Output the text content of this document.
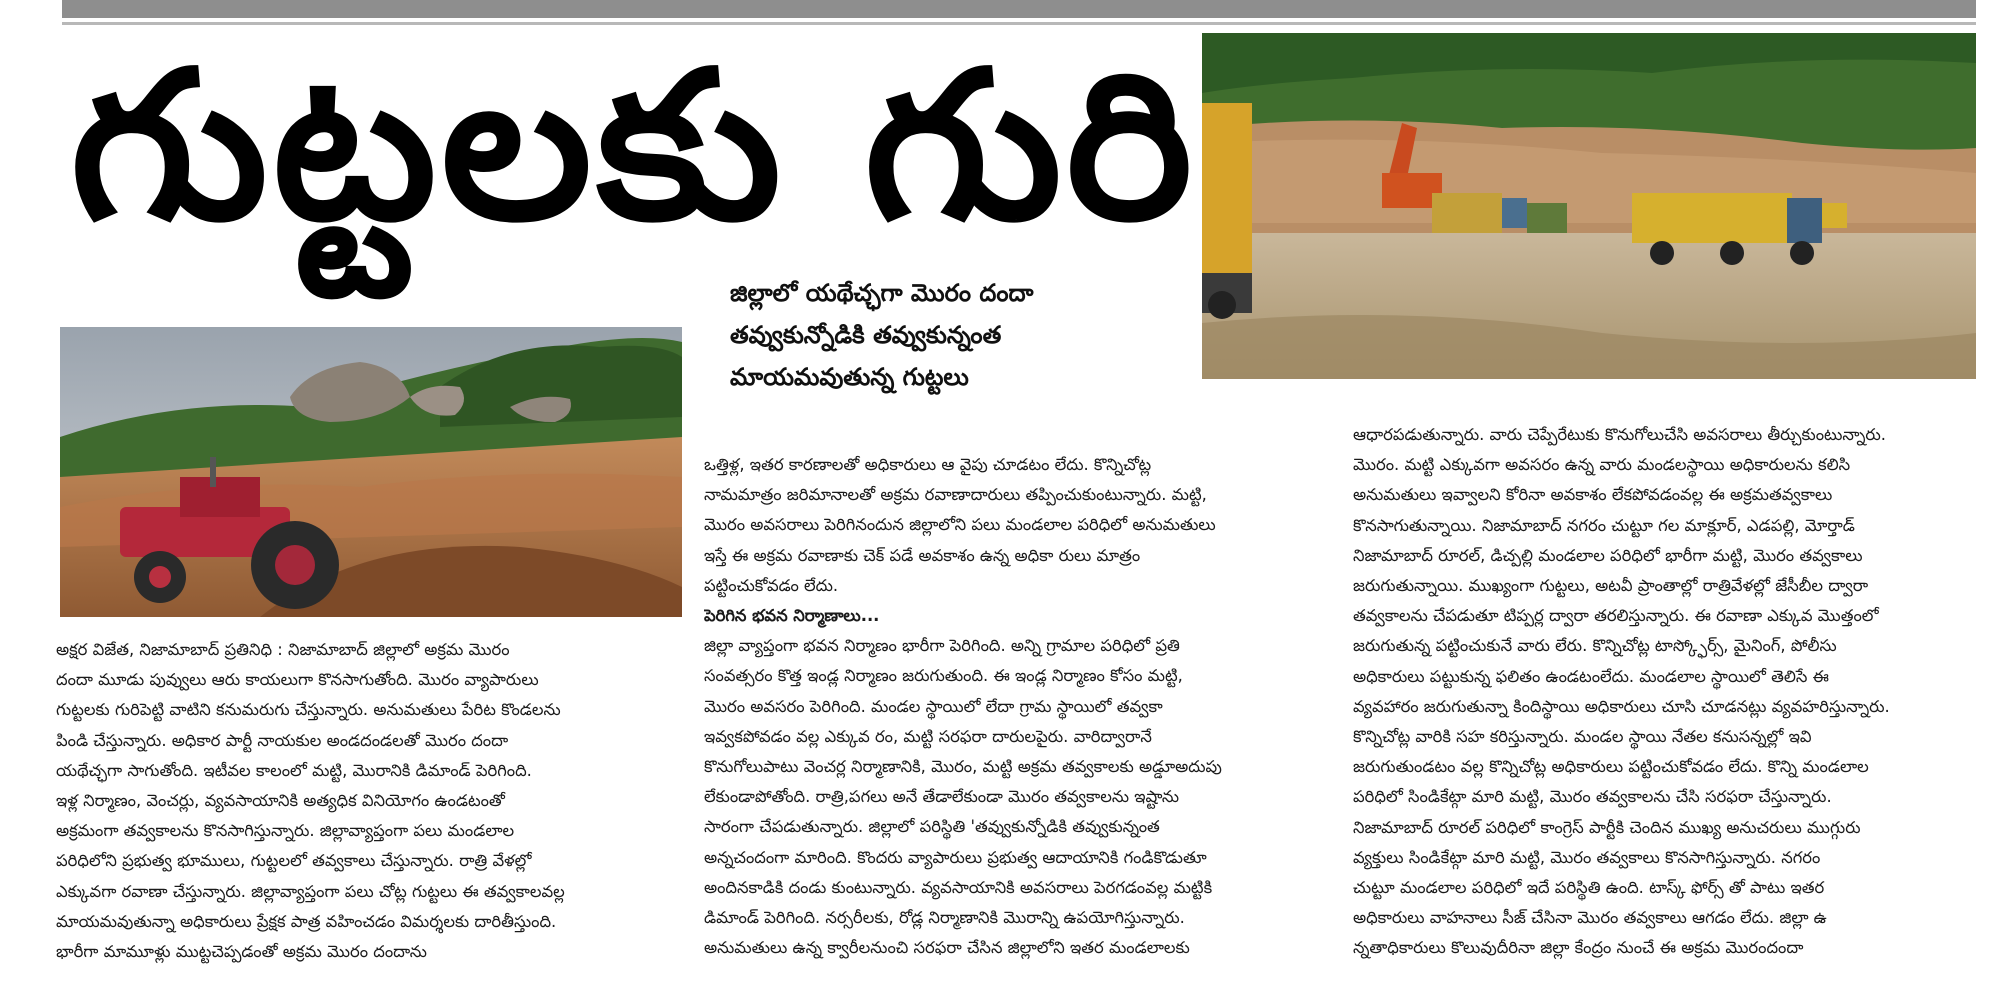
గుట్టలకు గురి
జిల్లాలో యథేచ్ఛగా మొరం దందా
తవ్వుకున్నోడికి తవ్వుకున్నంత
మాయమవుతున్న గుట్టలు
అక్షర విజేత, నిజామాబాద్ ప్రతినిధి : నిజామాబాద్ జిల్లాలో అక్రమ మొరం
దందా మూడు పువ్వులు ఆరు కాయలుగా కొనసాగుతోంది. మొరం వ్యాపారులు
గుట్టలకు గురిపెట్టి వాటిని కనుమరుగు చేస్తున్నారు. అనుమతులు పేరిట కొండలను
పిండి చేస్తున్నారు. అధికార పార్టీ నాయకుల అండదండలతో మొరం దందా
యథేచ్ఛగా సాగుతోంది. ఇటీవల కాలంలో మట్టి, మొరానికి డిమాండ్ పెరిగింది.
ఇళ్ల నిర్మాణం, వెంచర్లు, వ్యవసాయానికి అత్యధిక వినియోగం ఉండటంతో
అక్రమంగా తవ్వకాలను కొనసాగిస్తున్నారు. జిల్లావ్యాప్తంగా పలు మండలాల
పరిధిలోని ప్రభుత్వ భూములు, గుట్టలలో తవ్వకాలు చేస్తున్నారు. రాత్రి వేళల్లో
ఎక్కువగా రవాణా చేస్తున్నారు. జిల్లావ్యాప్తంగా పలు చోట్ల గుట్టలు ఈ తవ్వకాలవల్ల
మాయమవుతున్నా అధికారులు ప్రేక్షక పాత్ర వహించడం విమర్శలకు దారితీస్తుంది.
భారీగా మామూళ్లు ముట్టచెప్పడంతో అక్రమ మొరం దందాను
ఒత్తిళ్ల, ఇతర కారణాలతో అధికారులు ఆ వైపు చూడటం లేదు. కొన్నిచోట్ల
నామమాత్రం జరిమానాలతో అక్రమ రవాణాదారులు తప్పించుకుంటున్నారు. మట్టి,
మొరం అవసరాలు పెరిగినందున జిల్లాలోని పలు మండలాల పరిధిలో అనుమతులు
ఇస్తే ఈ అక్రమ రవాణాకు చెక్ పడే అవకాశం ఉన్న అధికా రులు మాత్రం
పట్టించుకోవడం లేదు.
పెరిగిన భవన నిర్మాణాలు...
జిల్లా వ్యాప్తంగా భవన నిర్మాణం భారీగా పెరిగింది. అన్ని గ్రామాల పరిధిలో ప్రతి
సంవత్సరం కొత్త ఇండ్ల నిర్మాణం జరుగుతుంది. ఈ ఇండ్ల నిర్మాణం కోసం మట్టి,
మొరం అవసరం పెరిగింది. మండల స్థాయిలో లేదా గ్రామ స్థాయిలో తవ్వకా
ఇవ్వకపోవడం వల్ల ఎక్కువ రం, మట్టి సరఫరా దారులపైరు. వారిద్వారానే
కొనుగోలుపాటు వెంచర్ల నిర్మాణానికి, మొరం, మట్టి అక్రమ తవ్వకాలకు అడ్డూఅదుపు
లేకుండాపోతోంది. రాత్రి,పగలు అనే తేడాలేకుండా మొరం తవ్వకాలను ఇష్టాను
సారంగా చేపడుతున్నారు. జిల్లాలో పరిస్థితి 'తవ్వుకున్నోడికి తవ్వుకున్నంత
అన్నచందంగా మారింది. కొందరు వ్యాపారులు ప్రభుత్వ ఆదాయానికి గండికొడుతూ
అందినకాడికి దండు కుంటున్నారు. వ్యవసాయానికి అవసరాలు పెరగడంవల్ల మట్టికి
డిమాండ్ పెరిగింది. నర్సరీలకు, రోడ్ల నిర్మాణానికి మొరాన్ని ఉపయోగిస్తున్నారు.
అనుమతులు ఉన్న క్వారీలనుంచి సరఫరా చేసిన జిల్లాలోని ఇతర మండలాలకు
ఆధారపడుతున్నారు. వారు చెప్పేరేటుకు కొనుగోలుచేసి అవసరాలు తీర్చుకుంటున్నారు.
మొరం. మట్టి ఎక్కువగా అవసరం ఉన్న వారు మండలస్థాయి అధికారులను కలిసి
అనుమతులు ఇవ్వాలని కోరినా అవకాశం లేకపోవడంవల్ల ఈ అక్రమతవ్వకాలు
కొనసాగుతున్నాయి. నిజామాబాద్ నగరం చుట్టూ గల మాక్లూర్, ఎడపల్లి, మోర్తాడ్
నిజామాబాద్ రూరల్, డిచ్పల్లి మండలాల పరిధిలో భారీగా మట్టి, మొరం తవ్వకాలు
జరుగుతున్నాయి. ముఖ్యంగా గుట్టలు, అటవీ ప్రాంతాల్లో రాత్రివేళల్లో జేసీబీల ద్వారా
తవ్వకాలను చేపడుతూ టిప్పర్ల ద్వారా తరలిస్తున్నారు. ఈ రవాణా ఎక్కువ మొత్తంలో
జరుగుతున్న పట్టించుకునే వారు లేరు. కొన్నిచోట్ల టాస్క్ఫోర్స్, మైనింగ్, పోలీసు
అధికారులు పట్టుకున్న ఫలితం ఉండటంలేదు. మండలాల స్థాయిలో తెలిసే ఈ
వ్యవహారం జరుగుతున్నా కిందిస్థాయి అధికారులు చూసి చూడనట్లు వ్యవహరిస్తున్నారు.
కొన్నిచోట్ల వారికి సహ కరిస్తున్నారు. మండల స్థాయి నేతల కనుసన్నల్లో ఇవి
జరుగుతుండటం వల్ల కొన్నిచోట్ల అధికారులు పట్టించుకోవడం లేదు. కొన్ని మండలాల
పరిధిలో సిండికేట్గా మారి మట్టి, మొరం తవ్వకాలను చేసి సరఫరా చేస్తున్నారు.
నిజామాబాద్ రూరల్ పరిధిలో కాంగ్రెస్ పార్టీకి చెందిన ముఖ్య అనుచరులు ముగ్గురు
వ్యక్తులు సిండికేట్గా మారి మట్టి, మొరం తవ్వకాలు కొనసాగిస్తున్నారు. నగరం
చుట్టూ మండలాల పరిధిలో ఇదే పరిస్థితి ఉంది. టాస్క్ ఫోర్స్ తో పాటు ఇతర
అధికారులు వాహనాలు సీజ్ చేసినా మొరం తవ్వకాలు ఆగడం లేదు. జిల్లా ఉ
న్నతాధికారులు కొలువుదీరినా జిల్లా కేంద్రం నుంచే ఈ అక్రమ మొరందందా
